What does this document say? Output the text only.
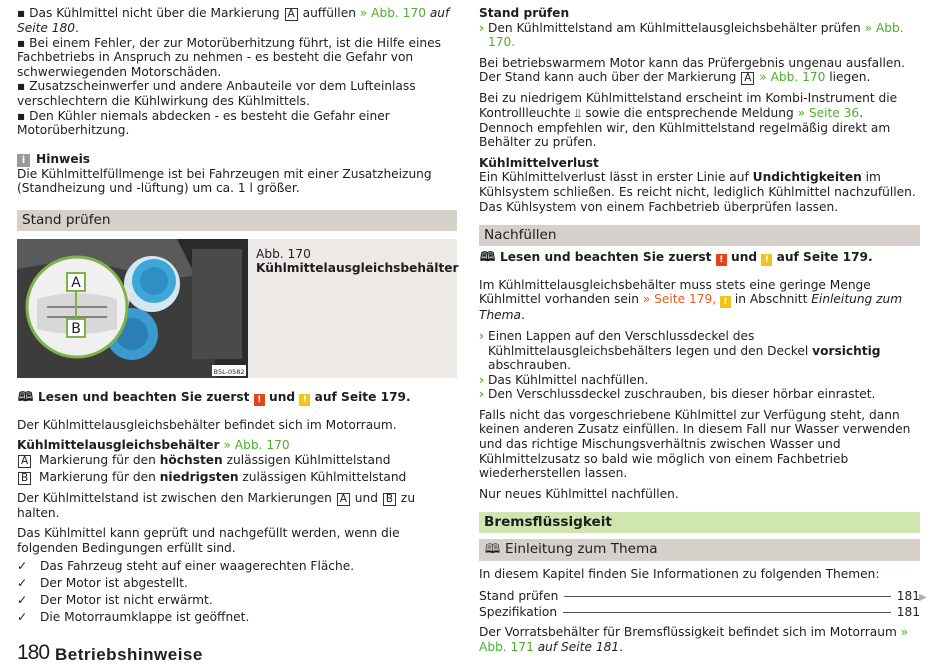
▪ Das Kühlmittel nicht über die Markierung A auffüllen » Abb. 170 auf Seite 180.
▪ Bei einem Fehler, der zur Motorüberhitzung führt, ist die Hilfe eines Fachbetriebs in Anspruch zu nehmen - es besteht die Gefahr von schwerwiegenden Motorschäden.
▪ Zusatzscheinwerfer und andere Anbauteile vor dem Lufteinlass verschlechtern die Kühlwirkung des Kühlmittels.
▪ Den Kühler niemals abdecken - es besteht die Gefahr einer Motorüberhitzung.
i Hinweis

Die Kühlmittelfüllmenge ist bei Fahrzeugen mit einer Zusatzheizung (Standheizung und -lüftung) um ca. 1 l größer.

Stand prüfen
A
B
B5L-0582
Abb. 170
Kühlmittelausgleichsbehälter
🕮 Lesen und beachten Sie zuerst ! und ! auf Seite 179.

Der Kühlmittelausgleichsbehälter befindet sich im Motorraum.

Kühlmittelausgleichsbehälter » Abb. 170
A Markierung für den höchsten zulässigen Kühlmittelstand
B Markierung für den niedrigsten zulässigen Kühlmittelstand

Der Kühlmittelstand ist zwischen den Markierungen A und B zu halten.

Das Kühlmittel kann geprüft und nachgefüllt werden, wenn die folgenden Bedingungen erfüllt sind.

✓	Das Fahrzeug steht auf einer waagerechten Fläche.
✓	Der Motor ist abgestellt.
✓	Der Motor ist nicht erwärmt.
✓	Die Motorraumklappe ist geöffnet.
Stand prüfen
› Den Kühlmittelstand am Kühlmittelausgleichsbehälter prüfen » Abb. 170.

Bei betriebswarmem Motor kann das Prüfergebnis ungenau ausfallen. Der Stand kann auch über der Markierung A » Abb. 170 liegen.

Bei zu niedrigem Kühlmittelstand erscheint im Kombi-Instrument die Kontrollleuchte ⫫ sowie die entsprechende Meldung » Seite 36. Dennoch empfehlen wir, den Kühlmittelstand regelmäßig direkt am Behälter zu prüfen.

Kühlmittelverlust

Ein Kühlmittelverlust lässt in erster Linie auf Undichtigkeiten im Kühlsystem schließen. Es reicht nicht, lediglich Kühlmittel nachzufüllen. Das Kühlsystem von einem Fachbetrieb überprüfen lassen.

Nachfüllen
🕮 Lesen und beachten Sie zuerst ! und ! auf Seite 179.

Im Kühlmittelausgleichsbehälter muss stets eine geringe Menge Kühlmittel vorhanden sein » Seite 179, ! in Abschnitt Einleitung zum Thema.

› Einen Lappen auf den Verschlussdeckel des Kühlmittelausgleichsbehälters legen und den Deckel vorsichtig abschrauben.
› Das Kühlmittel nachfüllen.
› Den Verschlussdeckel zuschrauben, bis dieser hörbar einrastet.

Falls nicht das vorgeschriebene Kühlmittel zur Verfügung steht, dann keinen anderen Zusatz einfüllen. In diesem Fall nur Wasser verwenden und das richtige Mischungsverhältnis zwischen Wasser und Kühlmittelzusatz so bald wie möglich von einem Fachbetrieb wiederherstellen lassen.

Nur neues Kühlmittel nachfüllen.

Bremsflüssigkeit
🕮 Einleitung zum Thema

In diesem Kapitel finden Sie Informationen zu folgenden Themen:

Stand prüfen	181
Spezifikation	181

Der Vorratsbehälter für Bremsflüssigkeit befindet sich im Motorraum » Abb. 171 auf Seite 181.

▶
180 Betriebshinweise
